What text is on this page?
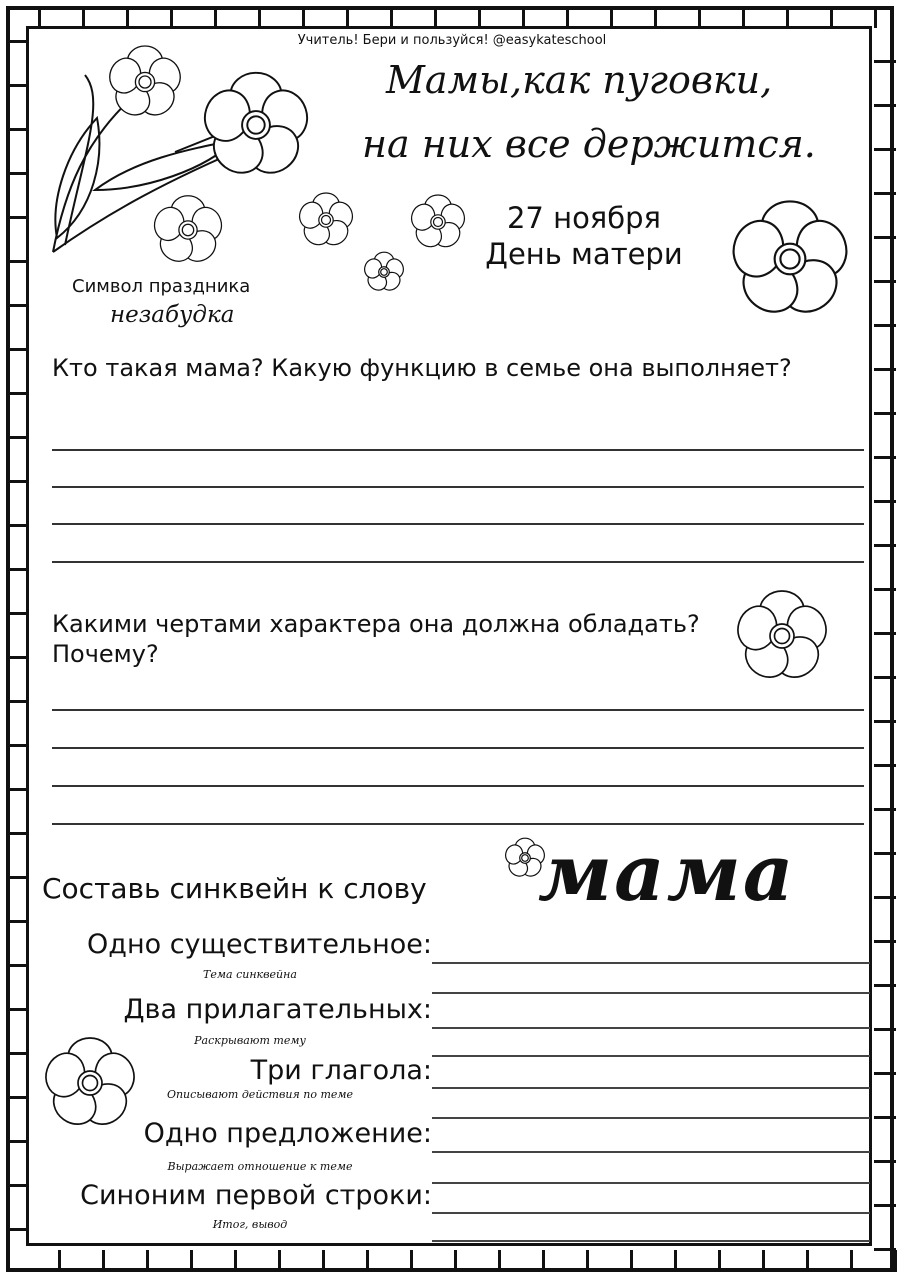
Учитель! Бери и пользуйся! @easykateschool
Мамы,как пуговки,
на них все держится.
27 ноября
День матери
Символ праздника
незабудка
Кто такая мама? Какую функцию в семье она выполняет?
Какими чертами характера она должна обладать? Почему?
Составь синквейн к слову мама
Одно существительное:
Тема синквейна
Два прилагательных:
Раскрывают тему
Три глагола:
Описывают действия по теме
Одно предложение:
Выражает отношение к теме
Синоним первой строки:
Итог, вывод
